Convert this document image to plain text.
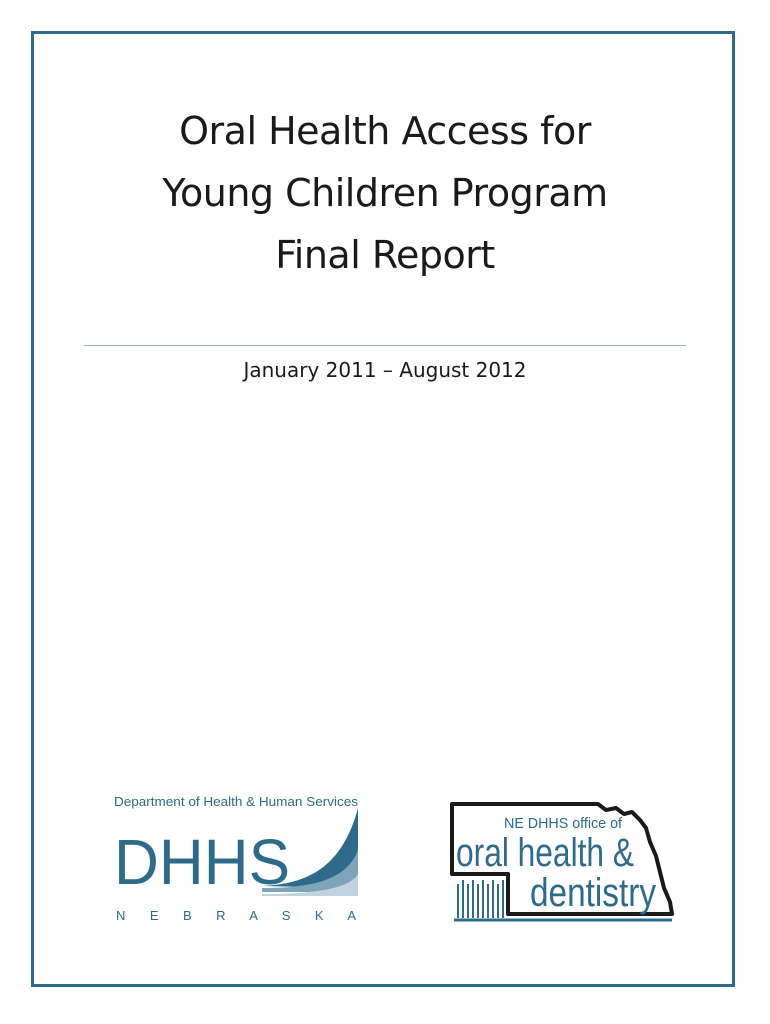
Oral Health Access for
Young Children Program
Final Report
January 2011 – August 2012
Department of Health & Human Services
DHHS
N E B R A S K A
NE DHHS office of
oral health &
dentistry
